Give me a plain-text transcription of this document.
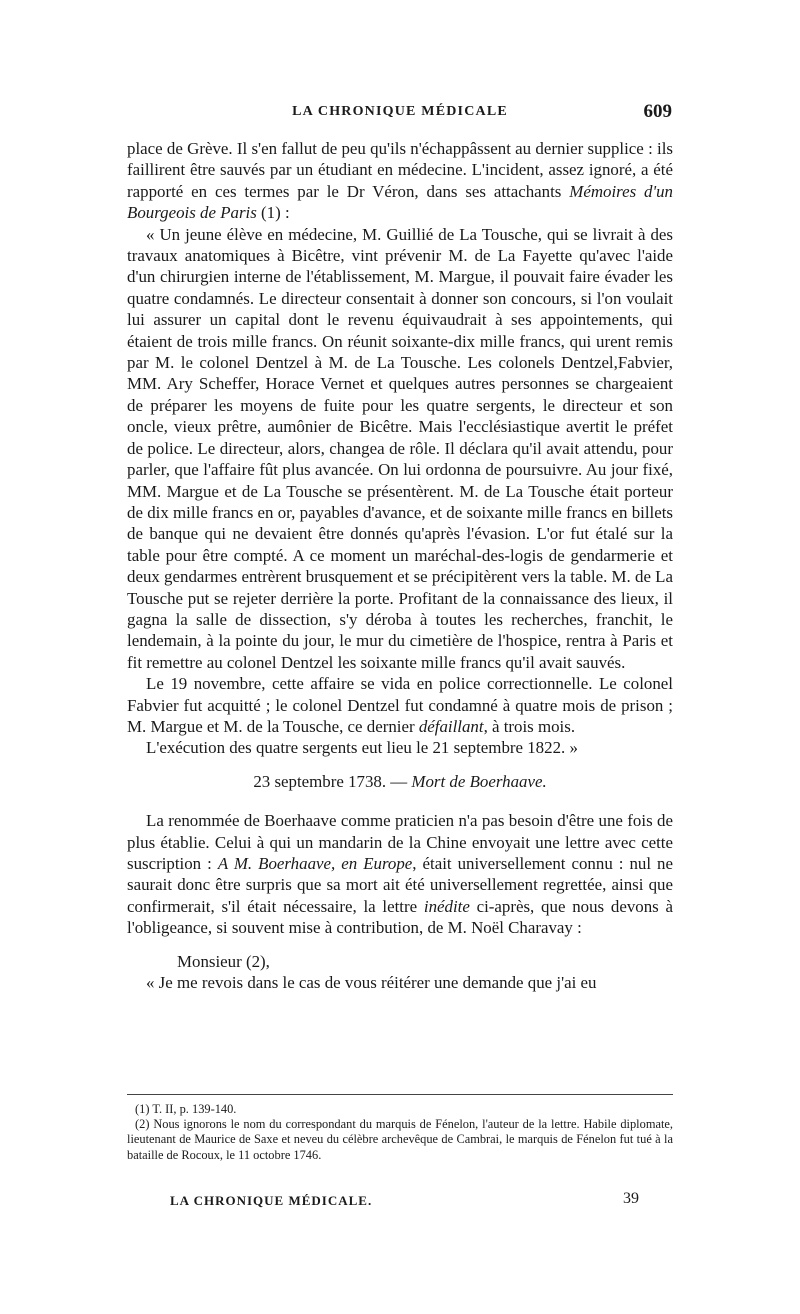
LA CHRONIQUE MÉDICALE	609

place de Grève. Il s'en fallut de peu qu'ils n'échappâssent au dernier supplice : ils faillirent être sauvés par un étudiant en médecine. L'incident, assez ignoré, a été rapporté en ces termes par le Dr Véron, dans ses attachants Mémoires d'un Bourgeois de Paris (1) :

« Un jeune élève en médecine, M. Guillié de La Tousche, qui se livrait à des travaux anatomiques à Bicêtre, vint prévenir M. de La Fayette qu'avec l'aide d'un chirurgien interne de l'établissement, M. Margue, il pouvait faire évader les quatre condamnés. Le directeur consentait à donner son concours, si l'on voulait lui assurer un capital dont le revenu équivaudrait à ses appointements, qui étaient de trois mille francs. On réunit soixante-dix mille francs, qui urent remis par M. le colonel Dentzel à M. de La Tousche. Les colonels Dentzel,Fabvier, MM. Ary Scheffer, Horace Vernet et quelques autres personnes se chargeaient de préparer les moyens de fuite pour les quatre sergents, le directeur et son oncle, vieux prêtre, aumônier de Bicêtre. Mais l'ecclésiastique avertit le préfet de police. Le directeur, alors, changea de rôle. Il déclara qu'il avait attendu, pour parler, que l'affaire fût plus avancée. On lui ordonna de poursuivre. Au jour fixé, MM. Margue et de La Tousche se présentèrent. M. de La Tousche était porteur de dix mille francs en or, payables d'avance, et de soixante mille francs en billets de banque qui ne devaient être donnés qu'après l'évasion. L'or fut étalé sur la table pour être compté. A ce moment un maréchal-des-logis de gendarmerie et deux gendarmes entrèrent brusquement et se précipitèrent vers la table. M. de La Tousche put se rejeter derrière la porte. Profitant de la connaissance des lieux, il gagna la salle de dissection, s'y déroba à toutes les recherches, franchit, le lendemain, à la pointe du jour, le mur du cimetière de l'hospice, rentra à Paris et fit remettre au colonel Dentzel les soixante mille francs qu'il avait sauvés.

Le 19 novembre, cette affaire se vida en police correctionnelle. Le colonel Fabvier fut acquitté ; le colonel Dentzel fut condamné à quatre mois de prison ; M. Margue et M. de la Tousche, ce dernier défaillant, à trois mois.

L'exécution des quatre sergents eut lieu le 21 septembre 1822. »

23 septembre 1738. — Mort de Boerhaave.

La renommée de Boerhaave comme praticien n'a pas besoin d'être une fois de plus établie. Celui à qui un mandarin de la Chine envoyait une lettre avec cette suscription : A M. Boerhaave, en Europe, était universellement connu : nul ne saurait donc être surpris que sa mort ait été universellement regrettée, ainsi que confirmerait, s'il était nécessaire, la lettre inédite ci-après, que nous devons à l'obligeance, si souvent mise à contribution, de M. Noël Charavay :

Monsieur (2),

« Je me revois dans le cas de vous réitérer une demande que j'ai eu

(1) T. II, p. 139-140.

(2) Nous ignorons le nom du correspondant du marquis de Fénelon, l'auteur de la lettre. Habile diplomate, lieutenant de Maurice de Saxe et neveu du célèbre archevêque de Cambrai, le marquis de Fénelon fut tué à la bataille de Rocoux, le 11 octobre 1746.

LA CHRONIQUE MÉDICALE.	39
